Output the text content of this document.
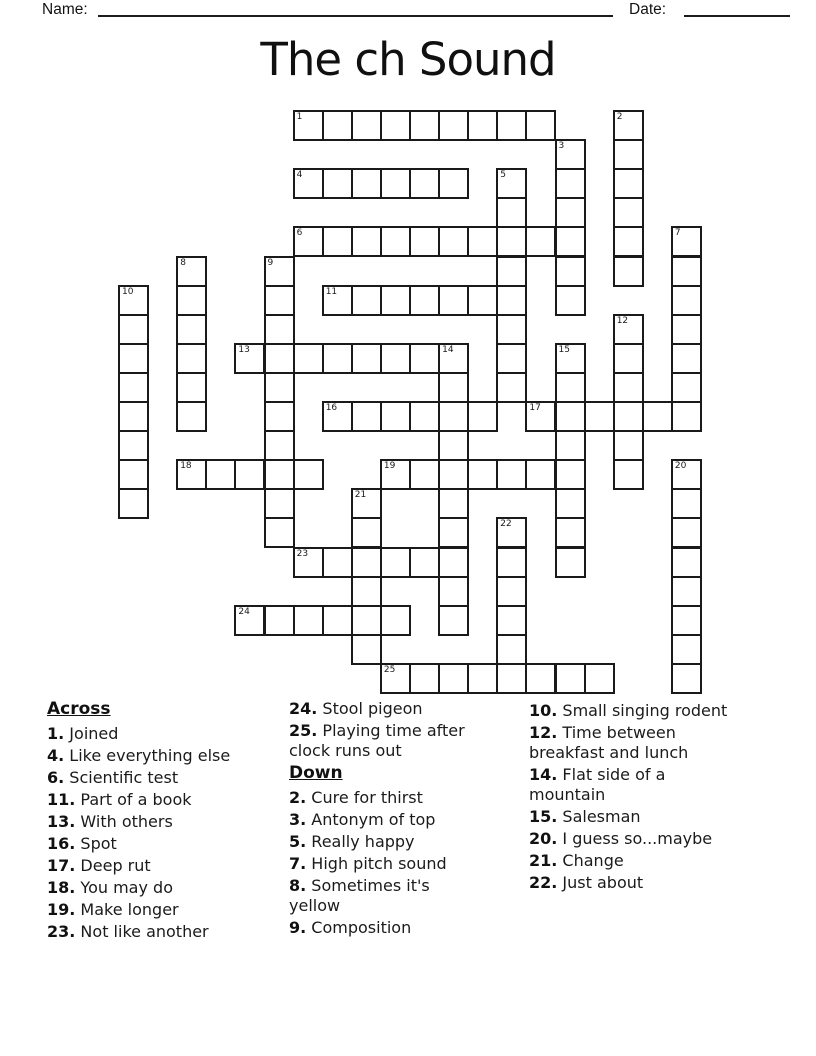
Name:	Date:
The ch Sound
1	2
3
4	5
6	7
8	9
10	11
12
13	14	15
16	17
18	19	20
21
22
23
24
25
Across
1. Joined
4. Like everything else
6. Scientific test
11. Part of a book
13. With others
16. Spot
17. Deep rut
18. You may do
19. Make longer
23. Not like another
24. Stool pigeon
25. Playing time after clock runs out
Down
2. Cure for thirst
3. Antonym of top
5. Really happy
7. High pitch sound
8. Sometimes it's yellow
9. Composition
10. Small singing rodent
12. Time between breakfast and lunch
14. Flat side of a mountain
15. Salesman
20. I guess so...maybe
21. Change
22. Just about
